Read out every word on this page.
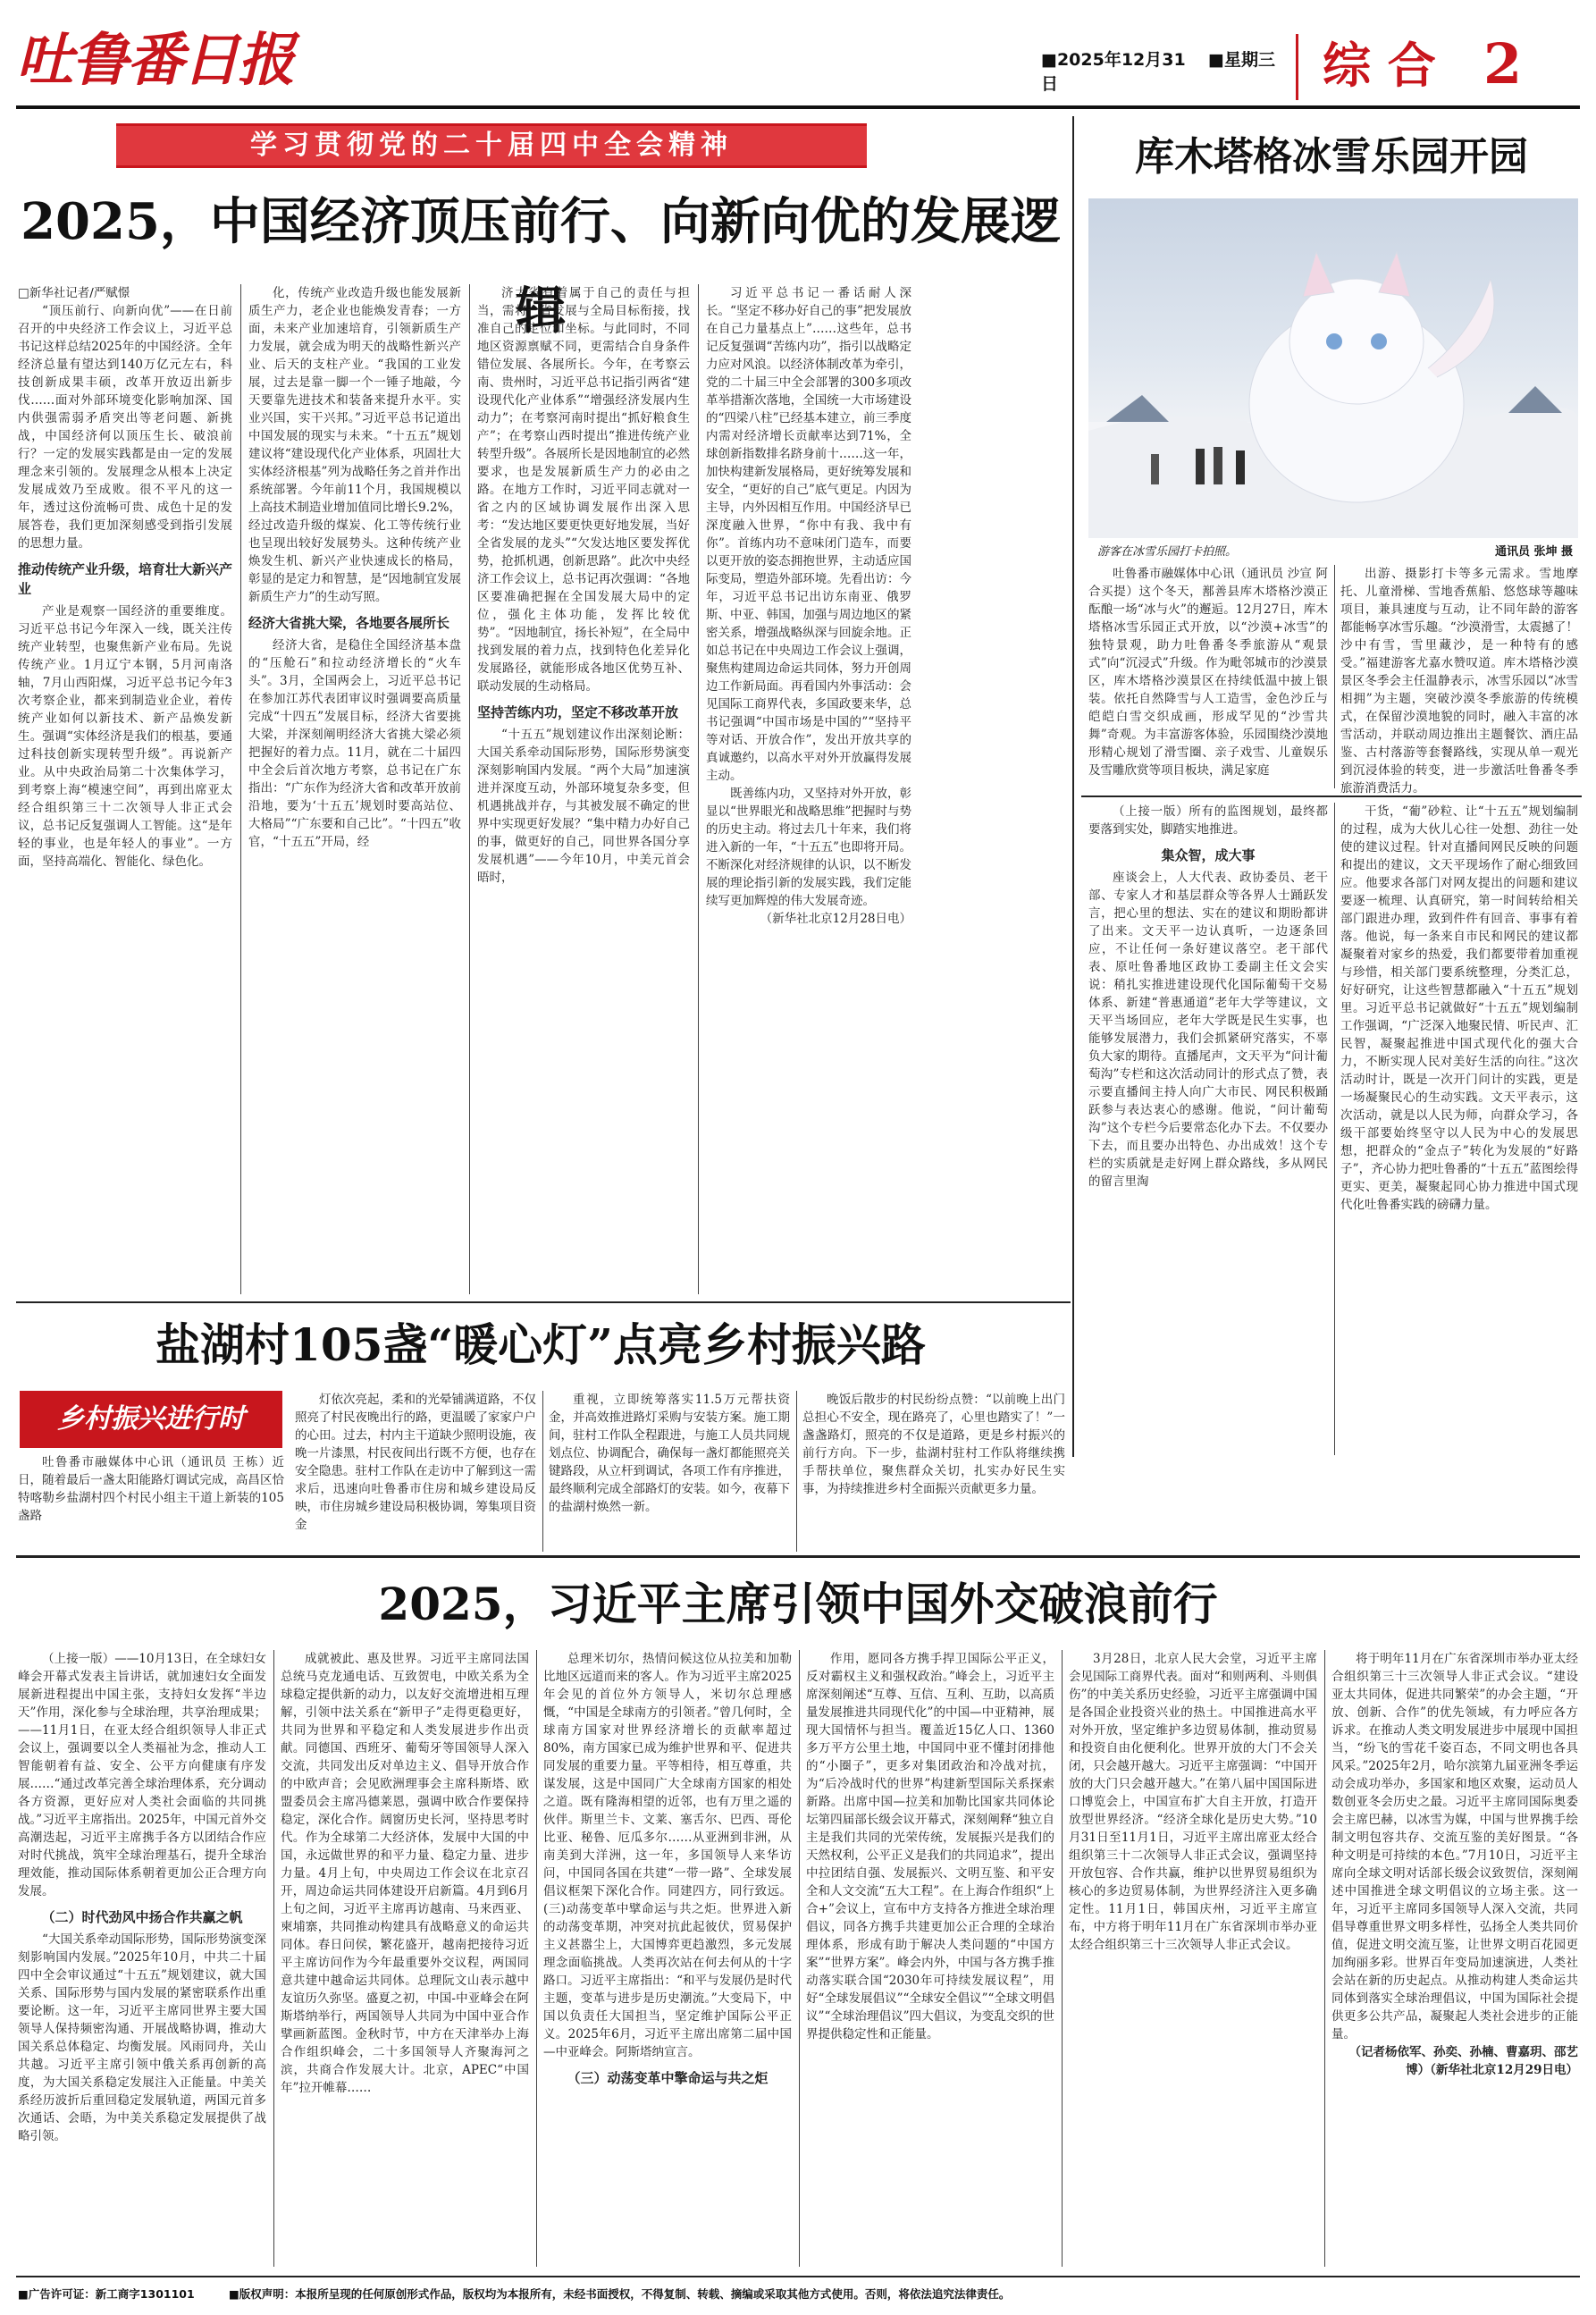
吐鲁番日报	■2025年12月31日
■星期三 综 合 2
学习贯彻党的二十届四中全会精神
2025，中国经济顶压前行、向新向优的发展逻辑

□新华社记者/严赋憬

“顶压前行、向新向优”——在日前召开的中央经济工作会议上，习近平总书记这样总结2025年的中国经济。全年经济总量有望达到140万亿元左右，科技创新成果丰硕，改革开放迈出新步伐……面对外部环境变化影响加深、国内供强需弱矛盾突出等老问题、新挑战，中国经济何以顶压生长、破浪前行？一定的发展实践都是由一定的发展理念来引领的。发展理念从根本上决定发展成效乃至成败。很不平凡的这一年，透过这份流畅可贵、成色十足的发展答卷，我们更加深刻感受到指引发展的思想力量。

推动传统产业升级，培育壮大新兴产业

产业是观察一国经济的重要维度。习近平总书记今年深入一线，既关注传统产业转型，也聚焦新产业布局。先说传统产业。1月辽宁本钢，5月河南洛轴，7月山西阳煤，习近平总书记今年3次考察企业，都来到制造业企业，着传统产业如何以新技术、新产品焕发新生。强调“实体经济是我们的根基，要通过科技创新实现转型升级”。再说新产业。从中央政治局第二十次集体学习，到考察上海“模速空间”，再到出席亚太经合组织第三十二次领导人非正式会议，总书记反复强调人工智能。这“是年轻的事业，也是年轻人的事业”。一方面，坚持高端化、智能化、绿色化。

化，传统产业改造升级也能发展新质生产力，老企业也能焕发青春；一方面，未来产业加速培育，引领新质生产力发展，就会成为明天的战略性新兴产业、后天的支柱产业。“我国的工业发展，过去是靠一脚一个一锤子地敲，今天要靠先进技术和装备来提升水平。实业兴国，实干兴邦。”习近平总书记道出中国发展的现实与未来。“十五五”规划建议将“建设现代化产业体系，巩固壮大实体经济根基”列为战略任务之首并作出系统部署。今年前11个月，我国规模以上高技术制造业增加值同比增长9.2%，经过改造升级的煤炭、化工等传统行业也呈现出较好发展势头。这种传统产业焕发生机、新兴产业快速成长的格局，彰显的是定力和智慧，是“因地制宜发展新质生产力”的生动写照。

经济大省挑大梁，各地要各展所长

经济大省，是稳住全国经济基本盘的“压舱石”和拉动经济增长的“火车头”。3月，全国两会上，习近平总书记在参加江苏代表团审议时强调要高质量完成“十四五”发展目标，经济大省要挑大梁，并深刻阐明经济大省挑大梁必须把握好的着力点。11月，就在二十届四中全会后首次地方考察，总书记在广东指出：“广东作为经济大省和改革开放前沿地，要为‘十五五’规划时要高站位、大格局”“广东要和自己比”。“十四五”收官，“十五五”开局，经

济大省有着属于自己的责任与担当，需将一省发展与全局目标衔接，找准自己的定位和坐标。与此同时，不同地区资源禀赋不同，更需结合自身条件错位发展、各展所长。今年，在考察云南、贵州时，习近平总书记指引两省“建设现代化产业体系”“增强经济发展内生动力”；在考察河南时提出“抓好粮食生产”；在考察山西时提出“推进传统产业转型升级”。各展所长是因地制宜的必然要求，也是发展新质生产力的必由之路。在地方工作时，习近平同志就对一省之内的区域协调发展作出深入思考：“发达地区要更快更好地发展，当好全省发展的龙头”“欠发达地区要发挥优势，抢抓机遇，创新思路”。此次中央经济工作会议上，总书记再次强调：“各地区要准确把握在全国发展大局中的定位，强化主体功能，发挥比较优势”。“因地制宜，扬长补短”，在全局中找到发展的着力点，找到特色化差异化发展路径，就能形成各地区优势互补、联动发展的生动格局。

坚持苦练内功，坚定不移改革开放

“十五五”规划建议作出深刻论断：大国关系牵动国际形势，国际形势演变深刻影响国内发展。“两个大局”加速演进并深度互动，外部环境复杂多变，但机遇挑战并存，与其被发展不确定的世界中实现更好发展？“集中精力办好自己的事，做更好的自己，同世界各国分享发展机遇”——今年10月，中美元首会晤时，

习近平总书记一番话耐人深长。“坚定不移办好自己的事”把发展放在自己力量基点上”……这些年，总书记反复强调“苦练内功”，指引以战略定力应对风浪。以经济体制改革为牵引，党的二十届三中全会部署的300多项改革举措渐次落地，全国统一大市场建设的“四梁八柱”已经基本建立，前三季度内需对经济增长贡献率达到71%，全球创新指数排名跻身前十……这一年，加快构建新发展格局，更好统筹发展和安全，“更好的自己”底气更足。内因为主导，内外因相互作用。中国经济早已深度融入世界，“你中有我、我中有你”。首练内功不意味闭门造车，而要以更开放的姿态拥抱世界，主动适应国际变局，塑造外部环境。先看出访：今年，习近平总书记出访东南亚、俄罗斯、中亚、韩国，加强与周边地区的紧密关系，增强战略纵深与回旋余地。正如总书记在中央周边工作会议上强调，聚焦构建周边命运共同体，努力开创周边工作新局面。再看国内外事活动：会见国际工商界代表，多国政要来华，总书记强调“中国市场是中国的”“坚持平等对话、开放合作”，发出开放共享的真诚邀约，以高水平对外开放赢得发展主动。

既善练内功，又坚持对外开放，彰显以“世界眼光和战略思维”把握时与势的历史主动。将过去几十年来，我们将进入新的一年，“十五五”也即将开局。不断深化对经济规律的认识，以不断发展的理论指引新的发展实践，我们定能续写更加辉煌的伟大发展奇迹。

（新华社北京12月28日电）

库木塔格冰雪乐园开园
游客在冰雪乐园打卡拍照。	通讯员 张坤 摄

吐鲁番市融媒体中心讯（通讯员 沙宣 阿合买提）这个冬天，鄯善县库木塔格沙漠正酝酿一场“冰与火”的邂逅。12月27日，库木塔格冰雪乐园正式开放，以“沙漠+冰雪”的独特景观，助力吐鲁番冬季旅游从“观景式”向“沉浸式”升级。作为毗邻城市的沙漠景区，库木塔格沙漠景区在持续低温中披上银装。依托自然降雪与人工造雪，金色沙丘与皑皑白雪交织成画，形成罕见的“沙雪共舞”奇观。为丰富游客体验，乐园围绕沙漠地形精心规划了滑雪圈、亲子戏雪、儿童娱乐及雪雕欣赏等项目板块，满足家庭

出游、摄影打卡等多元需求。雪地摩托、儿童滑梯、雪地香蕉船、悠悠球等趣味项目，兼具速度与互动，让不同年龄的游客都能畅享冰雪乐趣。“沙漠滑雪，太震撼了！沙中有雪，雪里藏沙，是一种特有的感受。”福建游客尤嘉水赞叹道。库木塔格沙漠景区冬季会主任温静表示，冰雪乐园以“冰雪相拥”为主题，突破沙漠冬季旅游的传统模式，在保留沙漠地貌的同时，融入丰富的冰雪活动，并联动周边推出主题餐饮、酒庄品鉴、古村落游等套餐路线，实现从单一观光到沉浸体验的转变，进一步激活吐鲁番冬季旅游消费活力。

（上接一版）所有的监图规划，最终都要落到实处，脚踏实地推进。

集众智，成大事

座谈会上，人大代表、政协委员、老干部、专家人才和基层群众等各界人士踊跃发言，把心里的想法、实在的建议和期盼都讲了出来。文天平一边认真听，一边逐条回应，不让任何一条好建议落空。老干部代表、原吐鲁番地区政协工委副主任文会实说：稍扎实推进建设现代化国际葡萄干交易体系、新建“普惠通道”老年大学等建议，文天平当场回应，老年大学既是民生实事，也能够发展潜力，我们会抓紧研究落实，不辜负大家的期待。直播尾声，文天平为“问计葡萄沟”专栏和这次活动同计的形式点了赞，表示要直播间主持人向广大市民、网民积极踊跃参与表达衷心的感谢。他说，“问计葡萄沟”这个专栏今后要常态化办下去。不仅要办下去，而且要办出特色、办出成效！这个专栏的实质就是走好网上群众路线，多从网民的留言里淘

干货，“葡”砂粒、让“十五五”规划编制的过程，成为大伙儿心往一处想、劲往一处使的建议过程。针对直播间网民反映的问题和提出的建议，文天平现场作了耐心细致回应。他要求各部门对网友提出的问题和建议要逐一梳理、认真研究，第一时间转给相关部门跟进办理，致到件件有回音、事事有着落。他说，每一条来自市民和网民的建议都凝聚着对家乡的热爱，我们都要带着加重视与珍惜，相关部门要系统整理，分类汇总，好好研究，让这些智慧都融入“十五五”规划里。习近平总书记就做好“十五五”规划编制工作强调，“广泛深入地聚民情、听民声、汇民智，凝聚起推进中国式现代化的强大合力，不断实现人民对美好生活的向往。”这次活动时计，既是一次开门问计的实践，更是一场凝聚民心的生动实践。文天平表示，这次活动，就是以人民为师，向群众学习，各级干部要始终坚守以人民为中心的发展思想，把群众的“金点子”转化为发展的“好路子”，齐心协力把吐鲁番的“十五五”蓝图绘得更实、更美，凝聚起同心协力推进中国式现代化吐鲁番实践的磅礴力量。

盐湖村105盏“暖心灯”点亮乡村振兴路
乡村振兴进行时

吐鲁番市融媒体中心讯（通讯员 王栋）近日，随着最后一盏太阳能路灯调试完成，高昌区恰特喀勒乡盐湖村四个村民小组主干道上新装的105盏路

灯依次亮起，柔和的光晕铺满道路，不仅照亮了村民夜晚出行的路，更温暖了家家户户的心田。过去，村内主干道缺少照明设施，夜晚一片漆黑，村民夜间出行既不方便，也存在安全隐患。驻村工作队在走访中了解到这一需求后，迅速向吐鲁番市住房和城乡建设局反映，市住房城乡建设局积极协调，筹集项目资金

重视，立即统筹落实11.5万元帮扶资金，并高效推进路灯采购与安装方案。施工期间，驻村工作队全程跟进，与施工人员共同规划点位、协调配合，确保每一盏灯都能照亮关键路段，从立杆到调试，各项工作有序推进，最终顺利完成全部路灯的安装。如今，夜幕下的盐湖村焕然一新。

晚饭后散步的村民纷纷点赞：“以前晚上出门总担心不安全，现在路亮了，心里也踏实了！”一盏盏路灯，照亮的不仅是道路，更是乡村振兴的前行方向。下一步，盐湖村驻村工作队将继续携手帮扶单位，聚焦群众关切，扎实办好民生实事，为持续推进乡村全面振兴贡献更多力量。

2025，习近平主席引领中国外交破浪前行

（上接一版）——10月13日，在全球妇女峰会开幕式发表主旨讲话，就加速妇女全面发展新进程提出中国主张，支持妇女发挥“半边天”作用，深化参与全球治理，共享治理成果；——11月1日，在亚太经合组织领导人非正式会议上，强调要以全人类福祉为念，推动人工智能朝着有益、安全、公平方向健康有序发展……“通过改革完善全球治理体系，充分调动各方资源，更好应对人类社会面临的共同挑战。”习近平主席指出。2025年，中国元首外交高潮迭起，习近平主席携手各方以团结合作应对时代挑战，筑牢全球治理基石，提升全球治理效能，推动国际体系朝着更加公正合理方向发展。

（二）时代劲风中扬合作共赢之帆

“大国关系牵动国际形势，国际形势演变深刻影响国内发展。”2025年10月，中共二十届四中全会审议通过“十五五”规划建议，就大国关系、国际形势与国内发展的紧密联系作出重要论断。这一年，习近平主席同世界主要大国领导人保持频密沟通、开展战略协调，推动大国关系总体稳定、均衡发展。风雨同舟，关山共越。习近平主席引领中俄关系再创新的高度，为大国关系稳定发展注入正能量。中美关系经历波折后重回稳定发展轨道，两国元首多次通话、会晤，为中美关系稳定发展提供了战略引领。

成就被此、惠及世界。习近平主席同法国总统马克龙通电话、互致贺电，中欧关系为全球稳定提供新的动力，以友好交流增进相互理解，引领中法关系在“新甲子”走得更稳更好，共同为世界和平稳定和人类发展进步作出贡献。同德国、西班牙、葡萄牙等国领导人深入交流，共同发出反对单边主义、倡导开放合作的中欧声音；会见欧洲理事会主席科斯塔、欧盟委员会主席冯德莱恩，强调中欧合作要保持稳定，深化合作。阔窗历史长河，坚持思考时代。作为全球第二大经济体，发展中大国的中国，永远做世界的和平力量、稳定力量、进步力量。4月上旬，中央周边工作会议在北京召开，周边命运共同体建设开启新篇。4月到6月上旬之间，习近平主席再访越南、马来西亚、柬埔寨，共同推动构建具有战略意义的命运共同体。春日问侯，繁花盛开，越南把接待习近平主席访问作为今年最重要外交议程，两国同意共建中越命运共同体。总理阮文山表示越中友谊历久弥坚。盛夏之初，中国-中亚峰会在阿斯塔纳举行，两国领导人共同为中国中亚合作擘画新蓝图。金秋时节，中方在天津举办上海合作组织峰会，二十多国领导人齐聚海河之滨，共商合作发展大计。北京，APEC“中国年”拉开帷幕……

总理米切尔，热情问候这位从拉美和加勒比地区远道而来的客人。作为习近平主席2025年会见的首位外方领导人，米切尔总理感慨，“中国是全球南方的引领者。”曾几何时，全球南方国家对世界经济增长的贡献率超过80%，南方国家已成为维护世界和平、促进共同发展的重要力量。平等相待，相互尊重，共谋发展，这是中国同广大全球南方国家的相处之道。既有隆海相望的近邻，也有万里之遥的伙伴。斯里兰卡、文莱、塞舌尔、巴西、哥伦比亚、秘鲁、厄瓜多尔……从亚洲到非洲，从南美到大洋洲，这一年，多国领导人来华访问，中国同各国在共建“一带一路”、全球发展倡议框架下深化合作。同建四方，同行致远。(三)动荡变革中擘命运与共之炬。世界进入新的动荡变革期，冲突对抗此起彼伏，贸易保护主义甚嚣尘上，大国博弈更趋激烈，多元发展理念面临挑战。人类再次站在何去何从的十字路口。习近平主席指出：“和平与发展仍是时代主题，变革与进步是历史潮流。”大变局下，中国以负责任大国担当，坚定维护国际公平正义。2025年6月，习近平主席出席第二届中国—中亚峰会。阿斯塔纳宣言。

（三）动荡变革中擎命运与共之炬

作用，愿同各方携手捍卫国际公平正义，反对霸权主义和强权政治。”峰会上，习近平主席深刻阐述“互尊、互信、互利、互助，以高质量发展推进共同现代化”的中国—中亚精神，展现大国情怀与担当。覆盖近15亿人口、1360多万平方公里土地，中国同中亚不懂封闭排他的“小圈子”，更多对集团政治和冷战对抗，为“后冷战时代的世界”构建新型国际关系探索新路。出席中国—拉美和加勒比国家共同体论坛第四届部长级会议开幕式，深刻阐释“独立自主是我们共同的光荣传统，发展振兴是我们的天然权利，公平正义是我们的共同追求”，提出中拉团结自强、发展振兴、文明互鉴、和平安全和人文交流“五大工程”。在上海合作组织“上合+”会议上，宣布中方支持各方推进全球治理倡议，同各方携手共建更加公正合理的全球治理体系，形成有助于解决人类问题的“中国方案”“世界方案”。峰会内外，中国与各方携手推动落实联合国“2030年可持续发展议程”，用好“全球发展倡议”“全球安全倡议”“全球文明倡议”“全球治理倡议”四大倡议，为变乱交织的世界提供稳定性和正能量。

3月28日，北京人民大会堂，习近平主席会见国际工商界代表。面对“和则两利、斗则俱伤”的中美关系历史经验，习近平主席强调中国是各国企业投资兴业的热土。中国推进高水平对外开放，坚定维护多边贸易体制，推动贸易和投资自由化便利化。世界开放的大门不会关闭，只会越开越大。习近平主席强调：“中国开放的大门只会越开越大。”在第八届中国国际进口博览会上，中国宣布扩大自主开放，打造开放型世界经济。“经济全球化是历史大势。”10月31日至11月1日，习近平主席出席亚太经合组织第三十二次领导人非正式会议，强调坚持开放包容、合作共赢，维护以世界贸易组织为核心的多边贸易体制，为世界经济注入更多确定性。11月1日，韩国庆州，习近平主席宣布，中方将于明年11月在广东省深圳市举办亚太经合组织第三十三次领导人非正式会议。

将于明年11月在广东省深圳市举办亚太经合组织第三十三次领导人非正式会议。“建设亚太共同体，促进共同繁荣”的办会主题，“开放、创新、合作”的优先领域，有力呼应各方诉求。在推动人类文明发展进步中展现中国担当，“纷飞的雪花千姿百态，不同文明也各具风采。”2025年2月，哈尔滨第九届亚洲冬季运动会成功举办，多国家和地区欢聚，运动员人数创亚冬会历史之最。习近平主席同国际奥委会主席巴赫，以冰雪为媒，中国与世界携手绘制文明包容共存、交流互鉴的美好图景。“各种文明是可持续的本色。”7月10日，习近平主席向全球文明对话部长级会议致贺信，深刻阐述中国推进全球文明倡议的立场主张。这一年，习近平主席同多国领导人深入交流，共同倡导尊重世界文明多样性，弘扬全人类共同价值，促进文明交流互鉴，让世界文明百花园更加绚丽多彩。世界百年变局加速演进，人类社会站在新的历史起点。从推动构建人类命运共同体到落实全球治理倡议，中国为国际社会提供更多公共产品，凝聚起人类社会进步的正能量。

（记者杨依军、孙奕、孙楠、曹嘉玥、邵艺博）（新华社北京12月29日电）

■广告许可证：新工商字1301101	■版权声明：本报所呈现的任何原创形式作品，版权均为本报所有，未经书面授权，不得复制、转载、摘编或采取其他方式使用。否则，将依法追究法律责任。
